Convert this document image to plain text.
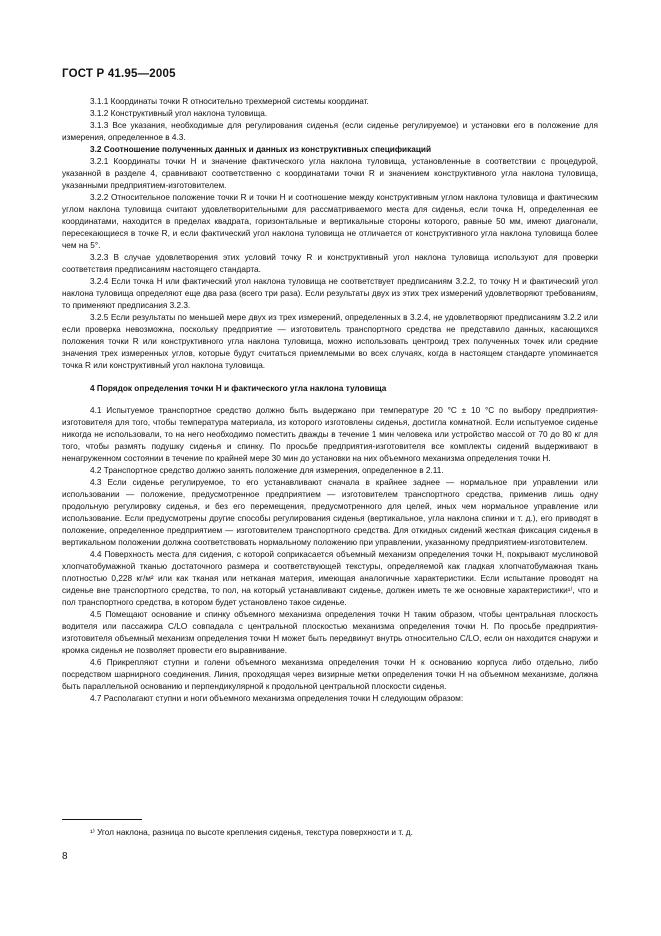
ГОСТ Р 41.95—2005

3.1.1 Координаты точки R относительно трехмерной системы координат.

3.1.2 Конструктивный угол наклона туловища.

3.1.3 Все указания, необходимые для регулирования сиденья (если сиденье регулируемое) и установки его в положение для измерения, определенное в 4.3.

3.2 Соотношение полученных данных и данных из конструктивных спецификаций

3.2.1 Координаты точки H и значение фактического угла наклона туловища, установленные в соответствии с процедурой, указанной в разделе 4, сравнивают соответственно с координатами точки R и значением конструктивного угла наклона туловища, указанными предприятием-изготовителем.

3.2.2 Относительное положение точки R и точки H и соотношение между конструктивным углом наклона туловища и фактическим углом наклона туловища считают удовлетворительными для рассматриваемого места для сиденья, если точка H, определенная ее координатами, находится в пределах квадрата, горизонтальные и вертикальные стороны которого, равные 50 мм, имеют диагонали, пересекающиеся в точке R, и если фактический угол наклона туловища не отличается от конструктивного угла наклона туловища более чем на 5°.

3.2.3 В случае удовлетворения этих условий точку R и конструктивный угол наклона туловища используют для проверки соответствия предписаниям настоящего стандарта.

3.2.4 Если точка H или фактический угол наклона туловища не соответствует предписаниям 3.2.2, то точку H и фактический угол наклона туловища определяют еще два раза (всего три раза). Если результаты двух из этих трех измерений удовлетворяют требованиям, то применяют предписания 3.2.3.

3.2.5 Если результаты по меньшей мере двух из трех измерений, определенных в 3.2.4, не удовлетворяют предписаниям 3.2.2 или если проверка невозможна, поскольку предприятие — изготовитель транспортного средства не представило данных, касающихся положения точки R или конструктивного угла наклона туловища, можно использовать центроид трех полученных точек или средние значения трех измеренных углов, которые будут считаться приемлемыми во всех случаях, когда в настоящем стандарте упоминается точка R или конструктивный угол наклона туловища.

4 Порядок определения точки H и фактического угла наклона туловища

4.1 Испытуемое транспортное средство должно быть выдержано при температуре 20 °С ± 10 °С по выбору предприятия-изготовителя для того, чтобы температура материала, из которого изготовлены сиденья, достигла комнатной. Если испытуемое сиденье никогда не использовали, то на него необходимо поместить дважды в течение 1 мин человека или устройство массой от 70 до 80 кг для того, чтобы размять подушку сиденья и спинку. По просьбе предприятия-изготовителя все комплекты сидений выдерживают в ненагруженном состоянии в течение по крайней мере 30 мин до установки на них объемного механизма определения точки H.

4.2 Транспортное средство должно занять положение для измерения, определенное в 2.11.

4.3 Если сиденье регулируемое, то его устанавливают сначала в крайнее заднее — нормальное при управлении или использовании — положение, предусмотренное предприятием — изготовителем транспортного средства, применив лишь одну продольную регулировку сиденья, и без его перемещения, предусмотренного для целей, иных чем нормальное управление или использование. Если предусмотрены другие способы регулирования сиденья (вертикальное, угла наклона спинки и т. д.), его приводят в положение, определенное предприятием — изготовителем транспортного средства. Для откидных сидений жесткая фиксация сиденья в вертикальном положении должна соответствовать нормальному положению при управлении, указанному предприятием-изготовителем.

4.4 Поверхность места для сидения, с которой соприкасается объемный механизм определения точки H, покрывают муслиновой хлопчатобумажной тканью достаточного размера и соответствующей текстуры, определяемой как гладкая хлопчатобумажная ткань плотностью 0,228 кг/м² или как тканая или нетканая материя, имеющая аналогичные характеристики. Если испытание проводят на сиденье вне транспортного средства, то пол, на который устанавливают сиденье, должен иметь те же основные характеристики¹⁾, что и пол транспортного средства, в котором будет установлено такое сиденье.

4.5 Помещают основание и спинку объемного механизма определения точки H таким образом, чтобы центральная плоскость водителя или пассажира C/LO совпадала с центральной плоскостью механизма определения точки H. По просьбе предприятия-изготовителя объемный механизм определения точки H может быть передвинут внутрь относительно C/LO, если он находится снаружи и кромка сиденья не позволяет провести его выравнивание.

4.6 Прикрепляют ступни и голени объемного механизма определения точки H к основанию корпуса либо отдельно, либо посредством шарнирного соединения. Линия, проходящая через визирные метки определения точки H на объемном механизме, должна быть параллельной основанию и перпендикулярной к продольной центральной плоскости сиденья.

4.7 Располагают ступни и ноги объемного механизма определения точки H следующим образом:

¹⁾ Угол наклона, разница по высоте крепления сиденья, текстура поверхности и т. д.
8
